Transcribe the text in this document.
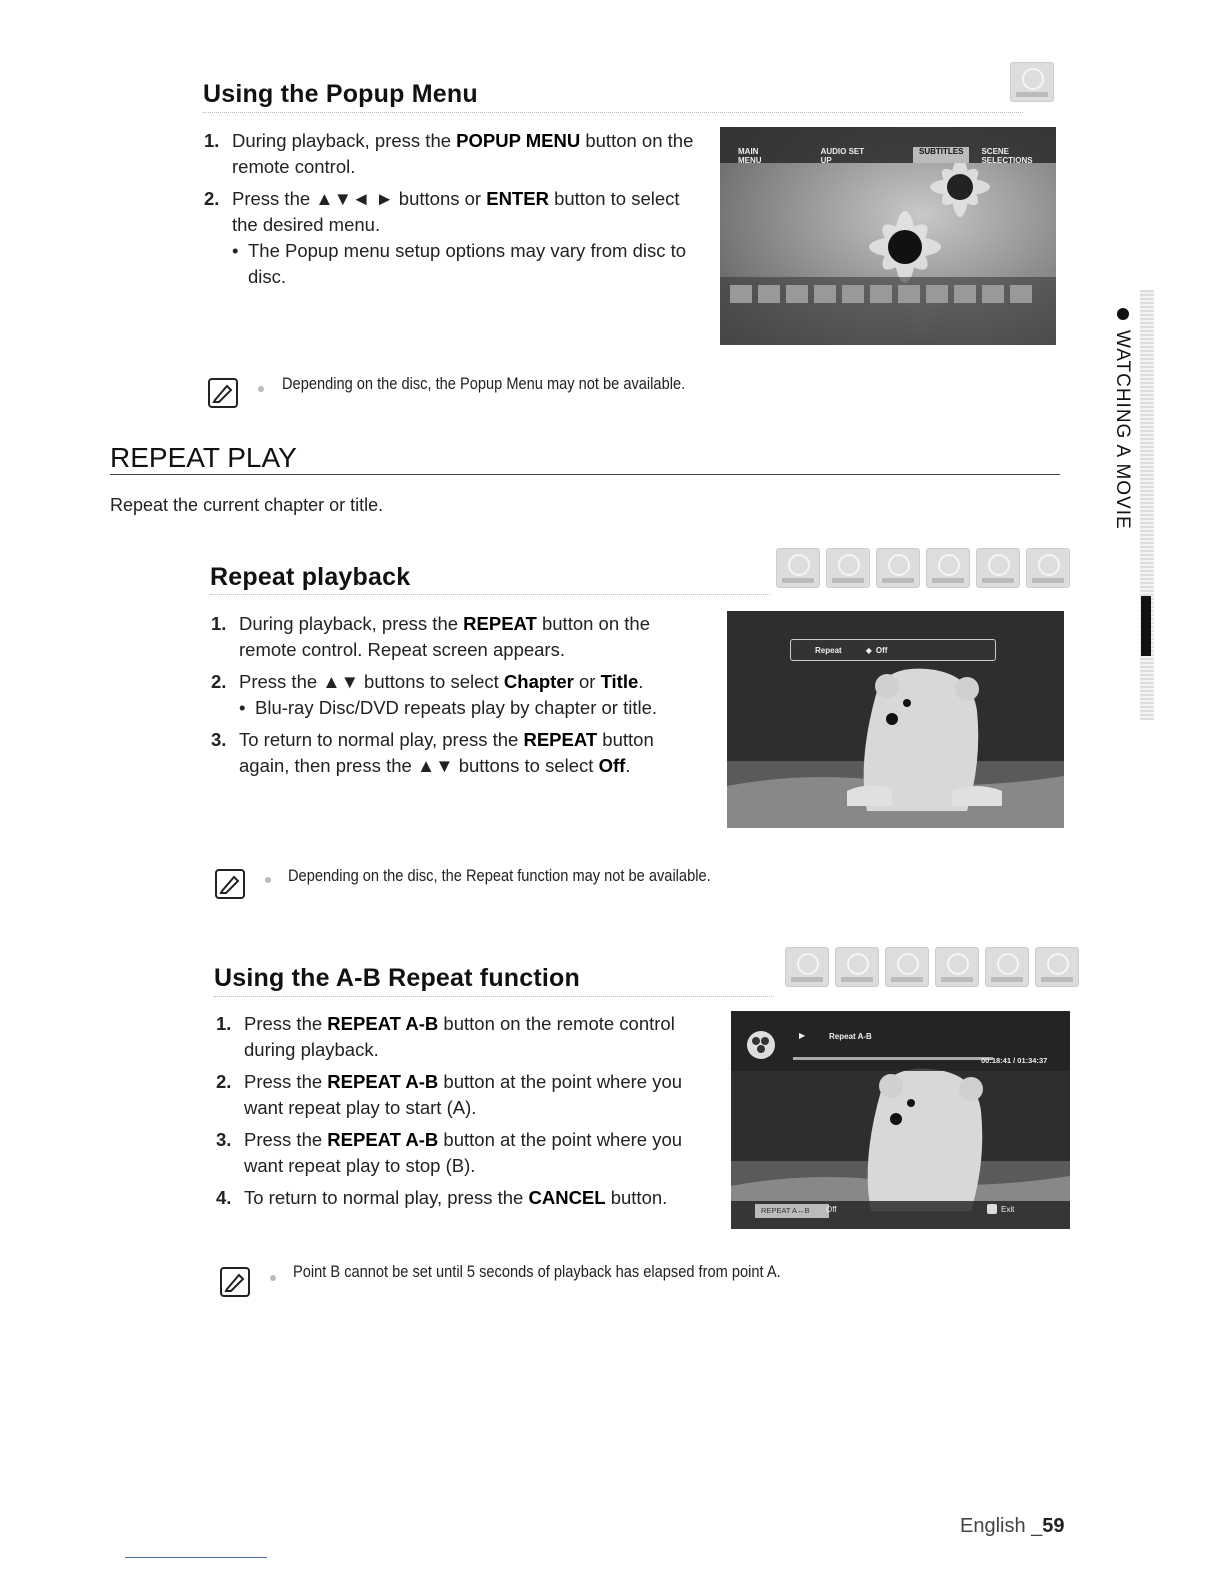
Using the Popup Menu
1. During playback, press the POPUP MENU button on the remote control.
2. Press the ▲▼◄ ► buttons or ENTER button to select the desired menu.
• The Popup menu setup options may vary from disc to disc.
MAIN MENU
AUDIO SET UP
SUBTITLES	SCENE SELECTIONS
Depending on the disc, the Popup Menu may not be available.
REPEAT PLAY
Repeat the current chapter or title.
Repeat playback
1. During playback, press the REPEAT button on the remote control. Repeat screen appears.
2. Press the ▲▼ buttons to select Chapter or Title.
• Blu-ray Disc/DVD repeats play by chapter or title.
3. To return to normal play, press the REPEAT button again, then press the ▲▼ buttons to select Off.
Repeat	◆ Off
Depending on the disc, the Repeat function may not be available.
Using the A-B Repeat function
1. Press the REPEAT A-B button on the remote control during playback.
2. Press the REPEAT A-B button at the point where you want repeat play to start (A).
3. Press the REPEAT A-B button at the point where you want repeat play to stop (B).
4. To return to normal play, press the CANCEL button.
▶	Repeat A-B
00:18:41 / 01:34:37
REPEAT A↔B	Off	Exit
Point B cannot be set until 5 seconds of playback has elapsed from point A.
WATCHING A MOVIE
English _59
